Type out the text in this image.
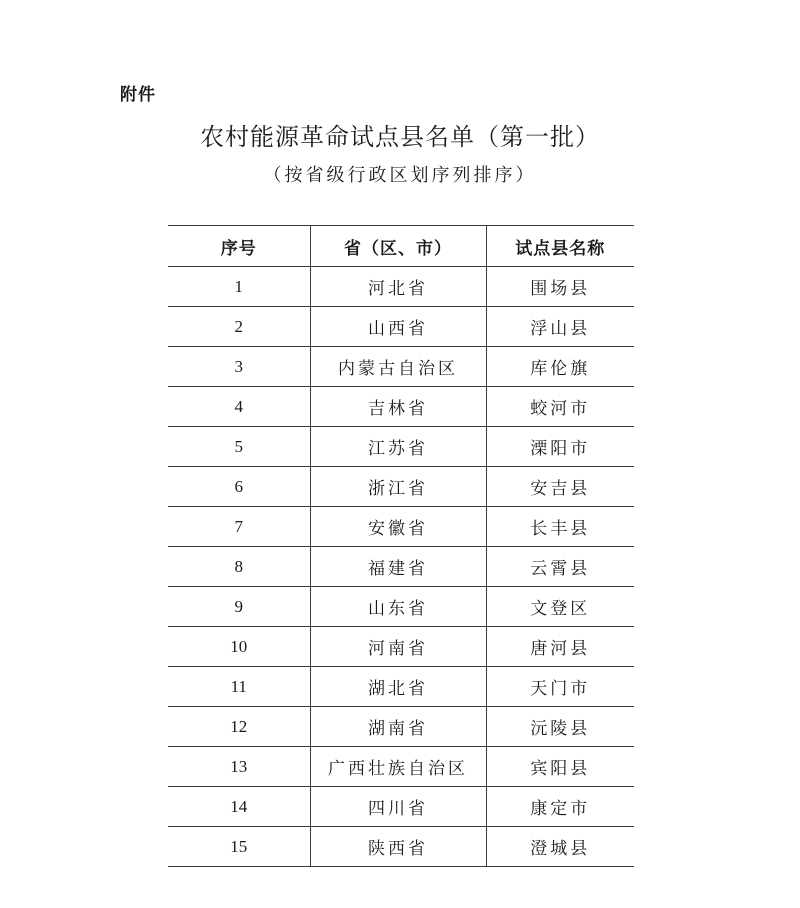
附件
农村能源革命试点县名单（第一批）
（按省级行政区划序列排序）
序号	省（区、市）	试点县名称
1	河北省	围场县
2	山西省	浮山县
3	内蒙古自治区	库伦旗
4	吉林省	蛟河市
5	江苏省	溧阳市
6	浙江省	安吉县
7	安徽省	长丰县
8	福建省	云霄县
9	山东省	文登区
10	河南省	唐河县
11	湖北省	天门市
12	湖南省	沅陵县
13	广西壮族自治区	宾阳县
14	四川省	康定市
15	陕西省	澄城县
